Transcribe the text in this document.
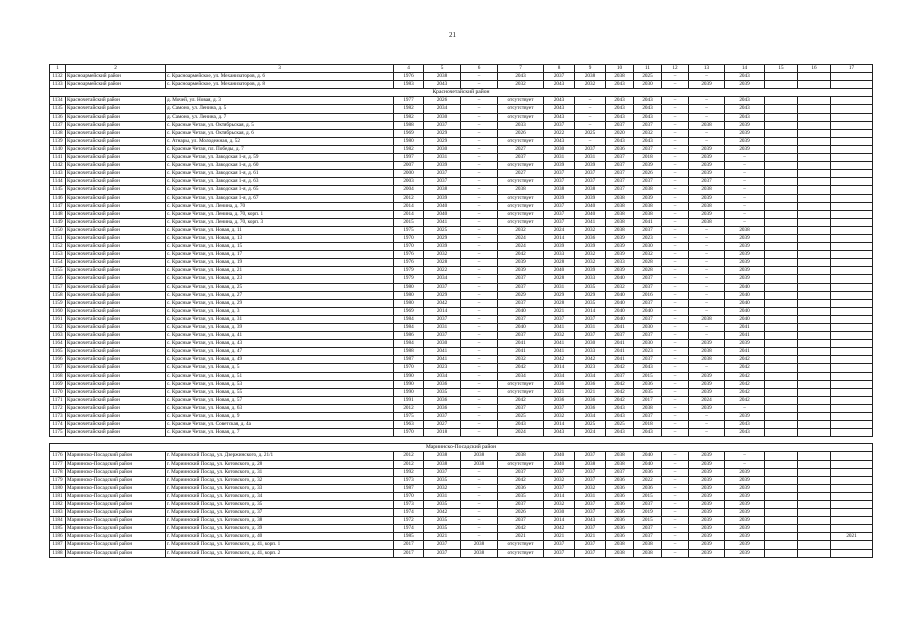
21
1	2	3	4	5	6	7	8	9	10	11	12	13	14	15	16	17
1132	Красноармейский район	с. Красноармейское, ул. Механизаторов, д. 6	1976	2038	–	2043	2037	2038	2038	2025	–	–	2043			
1133	Красноармейский район	с. Красноармейское, ул. Механизаторов, д. 8	1983	2043	–	2032	2043	2032	2043	2030	–	2039	2039			
Красночетайский район																
1134	Красночетайский район	д. Мочей, ул. Новая, д. 3	1977	2026	–	отсутствует	2043	–	2043	2043	–	–	2043			
1135	Красночетайский район	д. Самоно, ул. Ленина, д. 5	1982	2034	–	отсутствует	2043	–	2043	2043	–	–	2043			
1136	Красночетайский район	д. Самоно, ул. Ленина, д. 7	1982	2030	–	отсутствует	2043	–	2043	2043	–	–	2043			
1137	Красночетайский район	с. Красные Четаи, ул. Октябрьская, д. 5	1988	2037	–	2033	2037	–	2037	2037	–	2038	2039			
1138	Красночетайский район	с. Красные Четаи, ул. Октябрьская, д. 6	1969	2029	–	2026	2022	2025	2020	2032	–	–	2039			
1139	Красночетайский район	с. Атнары, ул. Молодежная, д. 52	1980	2029	–	отсутствует	2043	–	2043	2043	–	–	2039			
1140	Красночетайский район	с. Красные Четаи, пл. Победы, д. 7	1982	2030	–	2027	2030	2037	2036	2037	–	2039	2039			
1141	Красночетайский район	с. Красные Четаи, ул. Заводская 1-я, д. 59	1997	2031	–	2037	2031	2031	2037	2018	–	2039	–			
1142	Красночетайский район	с. Красные Четаи, ул. Заводская 1-я, д. 60	2007	2039	–	отсутствует	2039	2039	2037	2039	–	2039	–			
1143	Красночетайский район	с. Красные Четаи, ул. Заводская 1-я, д. 61	2000	2037	–	2027	2037	2037	2037	2026	–	2039	–			
1144	Красночетайский район	с. Красные Четаи, ул. Заводская 1-я, д. 63	2003	2037	–	отсутствует	2037	2037	2037	2037	–	2037	–			
1145	Красночетайский район	с. Красные Четаи, ул. Заводская 1-я, д. 65	2004	2038	–	2038	2038	2038	2037	2038	–	2038	–			
1146	Красночетайский район	с. Красные Четаи, ул. Заводская 1-я, д. 67	2012	2039	–	отсутствует	2039	2039	2038	2039	–	2039	–			
1147	Красночетайский район	с. Красные Четаи, ул. Ленина, д. 70	2014	2040	–	отсутствует	2037	2040	2038	2038	–	2038	–			
1148	Красночетайский район	с. Красные Четаи, ул. Ленина, д. 70, корп. 1	2014	2040	–	отсутствует	2037	2040	2038	2038	–	2039	–			
1149	Красночетайский район	с. Красные Четаи, ул. Ленина, д. 70, корп. 3	2015	2041	–	отсутствует	2037	2041	2038	2041	–	2038	–			
1150	Красночетайский район	с. Красные Четаи, ул. Новая, д. 11	1975	2025	–	2032	2024	2032	2038	2037	–	–	2038			
1151	Красночетайский район	с. Красные Четаи, ул. Новая, д. 13	1970	2029	–	2024	2014	2036	2039	2023	–	–	2039			
1152	Красночетайский район	с. Красные Четаи, ул. Новая, д. 15	1970	2039	–	2024	2039	2039	2039	2030	–	–	2039			
1153	Красночетайский район	с. Красные Четаи, ул. Новая, д. 17	1976	2032	–	2042	2033	2032	2039	2032	–	–	2039			
1154	Красночетайский район	с. Красные Четаи, ул. Новая, д. 19	1976	2028	–	2039	2028	2032	2033	2028	–	–	2039			
1155	Красночетайский район	с. Красные Четаи, ул. Новая, д. 21	1979	2022	–	2039	2040	2039	2039	2028	–	–	2039			
1156	Красночетайский район	с. Красные Четаи, ул. Новая, д. 23	1979	2034	–	2037	2028	2033	2040	2037	–	–	2039			
1157	Красночетайский район	с. Красные Четаи, ул. Новая, д. 25	1980	2037	–	2037	2031	2035	2032	2037	–	–	2040			
1158	Красночетайский район	с. Красные Четаи, ул. Новая, д. 27	1980	2029	–	2029	2029	2029	2040	2016	–	–	2040			
1159	Красночетайский район	с. Красные Четаи, ул. Новая, д. 29	1980	2042	–	2037	2028	2035	2040	2037	–	–	2040			
1160	Красночетайский район	с. Красные Четаи, ул. Новая, д. 3	1969	2014	–	2040	2021	2014	2040	2040	–	–	2040			
1161	Красночетайский район	с. Красные Четаи, ул. Новая, д. 31	1984	2037	–	2037	2037	2037	2040	2037	–	2038	2040			
1162	Красночетайский район	с. Красные Четаи, ул. Новая, д. 39	1984	2031	–	2040	2041	2031	2041	2030	–	–	2041			
1163	Красночетайский район	с. Красные Четаи, ул. Новая, д. 41	1986	2037	–	2037	2032	2037	2037	2037	–	–	2041			
1164	Красночетайский район	с. Красные Четаи, ул. Новая, д. 43	1984	2030	–	2041	2041	2030	2041	2030	–	2039	2039			
1165	Красночетайский район	с. Красные Четаи, ул. Новая, д. 47	1988	2041	–	2041	2041	2033	2041	2023	–	2038	2041			
1166	Красночетайский район	с. Красные Четаи, ул. Новая, д. 49	1987	2041	–	2032	2042	2042	2041	2037	–	2038	2042			
1167	Красночетайский район	с. Красные Четаи, ул. Новая, д. 5	1970	2023	–	2042	2014	2023	2042	2043	–	–	2042			
1168	Красночетайский район	с. Красные Четаи, ул. Новая, д. 51	1990	2034	–	2034	2034	2034	2037	2015	–	2039	2042			
1169	Красночетайский район	с. Красные Четаи, ул. Новая, д. 53	1990	2036	–	отсутствует	2036	2036	2042	2036	–	2039	2042			
1170	Красночетайский район	с. Красные Четаи, ул. Новая, д. 55	1990	2035	–	отсутствует	2021	2021	2042	2035	–	2039	2042			
1171	Красночетайский район	с. Красные Четаи, ул. Новая, д. 57	1991	2036	–	2042	2036	2036	2042	2017	–	2024	2042			
1172	Красночетайский район	с. Красные Четаи, ул. Новая, д. 63	2012	2036	–	2037	2037	2036	2043	2038	–	2039	–			
1173	Красночетайский район	с. Красные Четаи, ул. Новая, д. 9	1975	2037	–	2025	2032	2034	2043	2037	–	–	2039			
1174	Красночетайский район	с. Красные Четаи, ул. Советская, д. 4а	1963	2027	–	2043	2014	2025	2025	2018	–	–	2043			
1175	Красночетайский район	с. Красные Четаи, ул. Новая, д. 7	1970	2018	–	2024	2043	2024	2043	2043	–	–	2043			

Мариинско-Посадский район																
1176	Мариинско-Посадский район	г. Мариинский Посад, ул. Дзержинского, д. 21/1	2012	2038	2038	2038	2040	2037	2038	2040	–	2039	–			
1177	Мариинско-Посадский район	г. Мариинский Посад, ул. Котовского, д. 28	2012	2038	2038	отсутствует	2040	2038	2038	2040	–	2039	–			
1178	Мариинско-Посадский район	г. Мариинский Посад, ул. Котовского, д. 31	1992	2037	–	2037	2037	2037	2037	2036	–	2039	2039			
1179	Мариинско-Посадский район	г. Мариинский Посад, ул. Котовского, д. 32	1973	2035	–	2042	2032	2037	2036	2022	–	2039	2039			
1180	Мариинско-Посадский район	г. Мариинский Посад, ул. Котовского, д. 33	1987	2032	–	2036	2037	2032	2036	2036	–	2039	2039			
1181	Мариинско-Посадский район	г. Мариинский Посад, ул. Котовского, д. 34	1970	2031	–	2035	2014	2031	2036	2015	–	2039	2039			
1182	Мариинско-Посадский район	г. Мариинский Посад, ул. Котовского, д. 35	1973	2035	–	2037	2032	2037	2036	2037	–	2039	2039			
1183	Мариинско-Посадский район	г. Мариинский Посад, ул. Котовского, д. 37	1974	2042	–	2026	2030	2037	2036	2019	–	2039	2039			
1184	Мариинско-Посадский район	г. Мариинский Посад, ул. Котовского, д. 38	1972	2035	–	2037	2014	2043	2036	2015	–	2039	2039			
1185	Мариинско-Посадский район	г. Мариинский Посад, ул. Котовского, д. 39	1974	2035	–	2042	2042	2037	2036	2037	–	2039	2039			
1186	Мариинско-Посадский район	г. Мариинский Посад, ул. Котовского, д. 40	1985	2021	–	2021	2021	2021	2036	2037	–	2039	2039			2021
1187	Мариинско-Посадский район	г. Мариинский Посад, ул. Котовского, д. 41, корп. 1	2017	2037	2038	отсутствует	2037	2037	2038	2038	–	2039	2039			
1188	Мариинско-Посадский район	г. Мариинский Посад, ул. Котовского, д. 41, корп. 2	2017	2037	2038	отсутствует	2037	2037	2038	2038	–	2039	2039			
